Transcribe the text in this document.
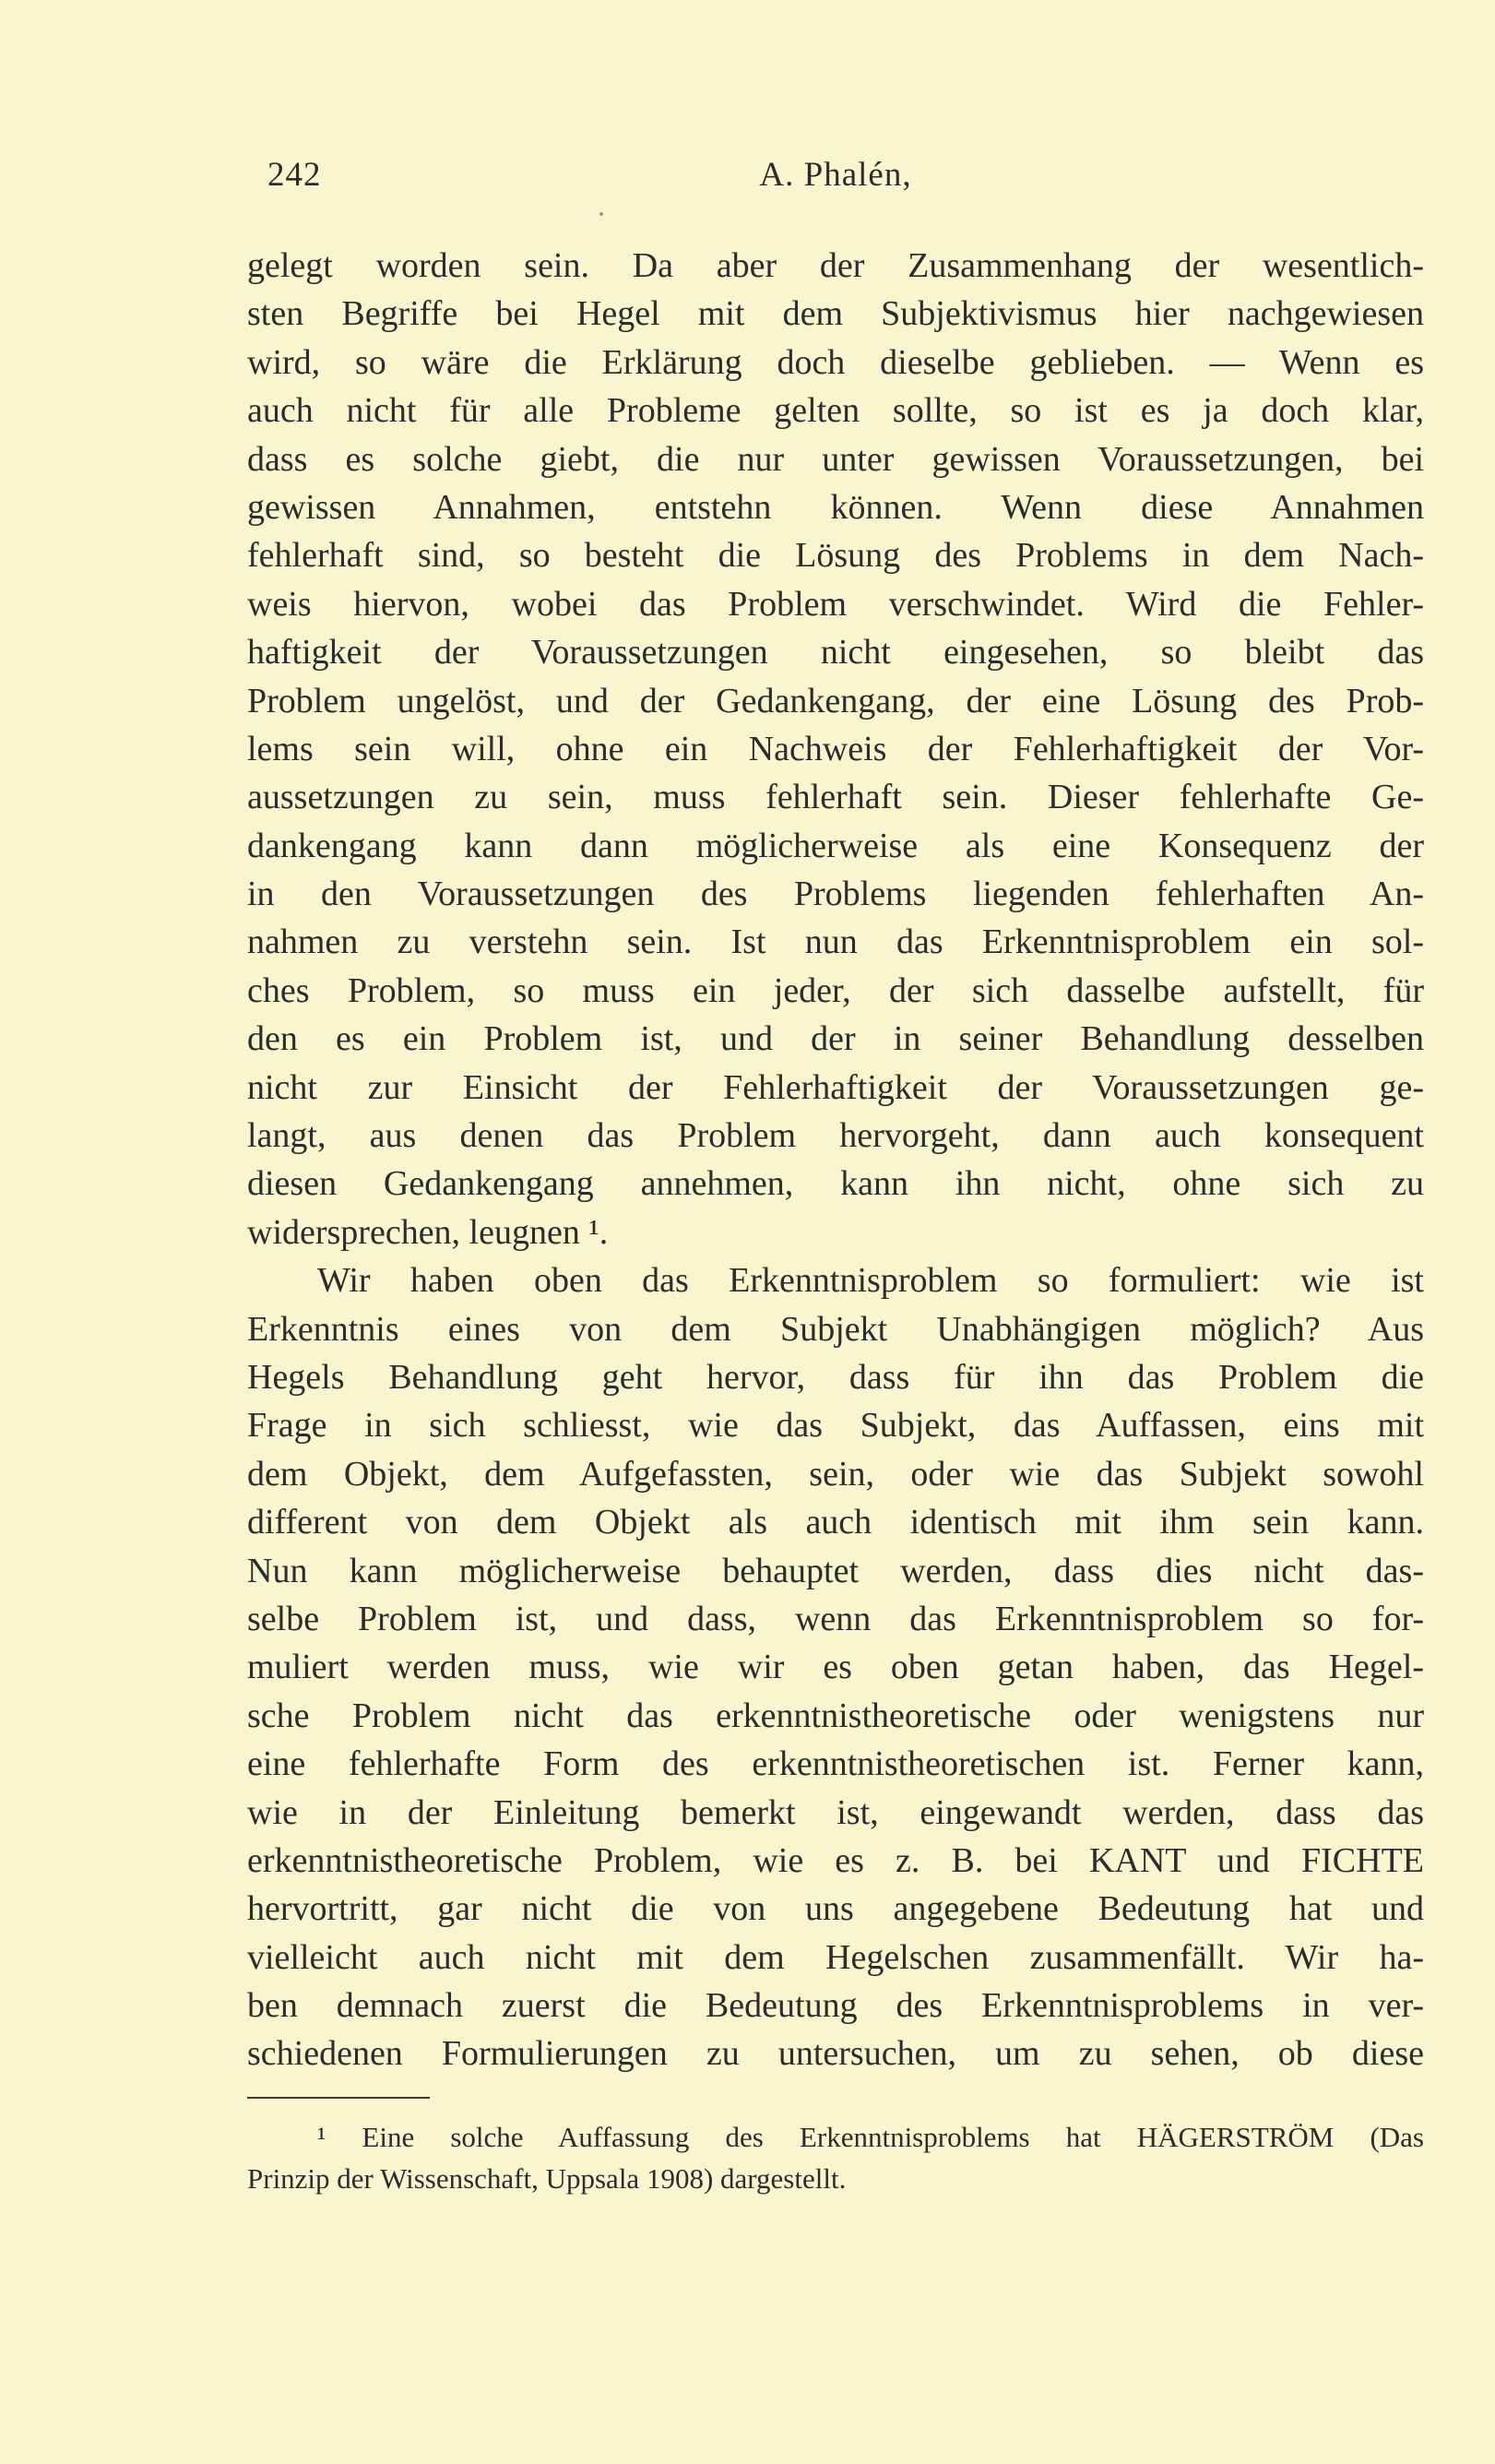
242	A. Phalén,
gelegt worden sein. Da aber der Zusammenhang der wesentlich-
sten Begriffe bei Hegel mit dem Subjektivismus hier nachgewiesen
wird, so wäre die Erklärung doch dieselbe geblieben. — Wenn es
auch nicht für alle Probleme gelten sollte, so ist es ja doch klar,
dass es solche giebt, die nur unter gewissen Voraussetzungen, bei
gewissen Annahmen, entstehn können. Wenn diese Annahmen
fehlerhaft sind, so besteht die Lösung des Problems in dem Nach-
weis hiervon, wobei das Problem verschwindet. Wird die Fehler-
haftigkeit der Voraussetzungen nicht eingesehen, so bleibt das
Problem ungelöst, und der Gedankengang, der eine Lösung des Prob-
lems sein will, ohne ein Nachweis der Fehlerhaftigkeit der Vor-
aussetzungen zu sein, muss fehlerhaft sein. Dieser fehlerhafte Ge-
dankengang kann dann möglicherweise als eine Konsequenz der
in den Voraussetzungen des Problems liegenden fehlerhaften An-
nahmen zu verstehn sein. Ist nun das Erkenntnisproblem ein sol-
ches Problem, so muss ein jeder, der sich dasselbe aufstellt, für
den es ein Problem ist, und der in seiner Behandlung desselben
nicht zur Einsicht der Fehlerhaftigkeit der Voraussetzungen ge-
langt, aus denen das Problem hervorgeht, dann auch konsequent
diesen Gedankengang annehmen, kann ihn nicht, ohne sich zu
widersprechen, leugnen ¹.
Wir haben oben das Erkenntnisproblem so formuliert: wie ist
Erkenntnis eines von dem Subjekt Unabhängigen möglich? Aus
Hegels Behandlung geht hervor, dass für ihn das Problem die
Frage in sich schliesst, wie das Subjekt, das Auffassen, eins mit
dem Objekt, dem Aufgefassten, sein, oder wie das Subjekt sowohl
different von dem Objekt als auch identisch mit ihm sein kann.
Nun kann möglicherweise behauptet werden, dass dies nicht das-
selbe Problem ist, und dass, wenn das Erkenntnisproblem so for-
muliert werden muss, wie wir es oben getan haben, das Hegel-
sche Problem nicht das erkenntnistheoretische oder wenigstens nur
eine fehlerhafte Form des erkenntnistheoretischen ist. Ferner kann,
wie in der Einleitung bemerkt ist, eingewandt werden, dass das
erkenntnistheoretische Problem, wie es z. B. bei KANT und FICHTE
hervortritt, gar nicht die von uns angegebene Bedeutung hat und
vielleicht auch nicht mit dem Hegelschen zusammenfällt. Wir ha-
ben demnach zuerst die Bedeutung des Erkenntnisproblems in ver-
schiedenen Formulierungen zu untersuchen, um zu sehen, ob diese
¹ Eine solche Auffassung des Erkenntnisproblems hat HÄGERSTRÖM (Das
Prinzip der Wissenschaft, Uppsala 1908) dargestellt.
